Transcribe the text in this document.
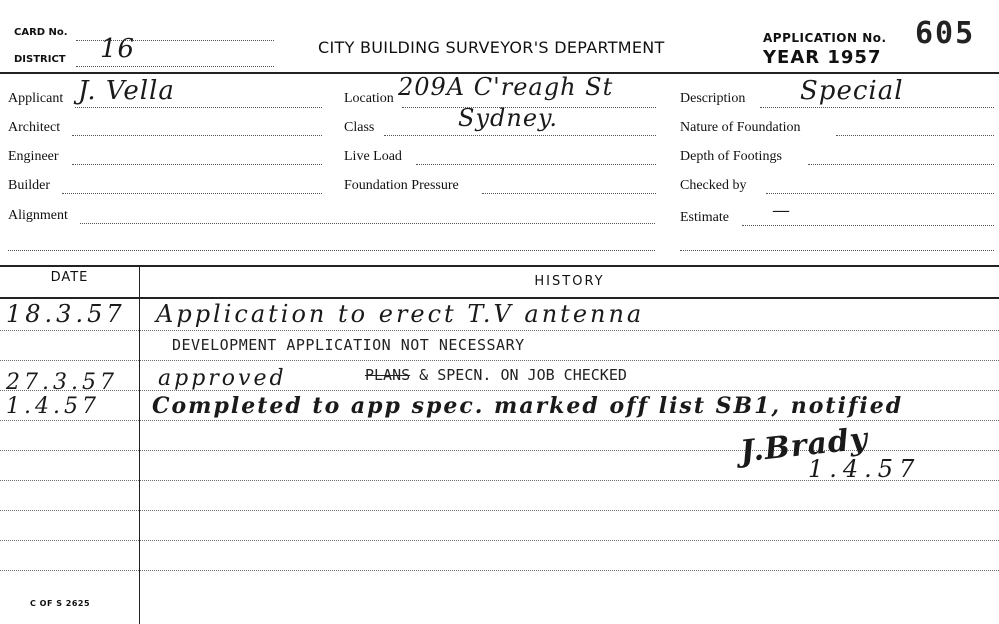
CARD No.
DISTRICT 16	CITY BUILDING SURVEYOR'S DEPARTMENT	APPLICATION No. 605
YEAR 1957
Applicant J. Vella
Architect
Engineer
Builder
Alignment
Location 209A C'reagh St
Class	Sydney.
Live Load
Foundation Pressure
Description Special
Nature of Foundation
Depth of Footings
Checked by
Estimate —
DATE	HISTORY
18.3.57 Application to erect T.V antenna
DEVELOPMENT APPLICATION NOT NECESSARY
27.3.57 approved	PLANS & SPECN. ON JOB CHECKED
1.4.57 Completed to app spec. marked off list SB1, notified
J.Brady
1.4.57
C OF S 2625
